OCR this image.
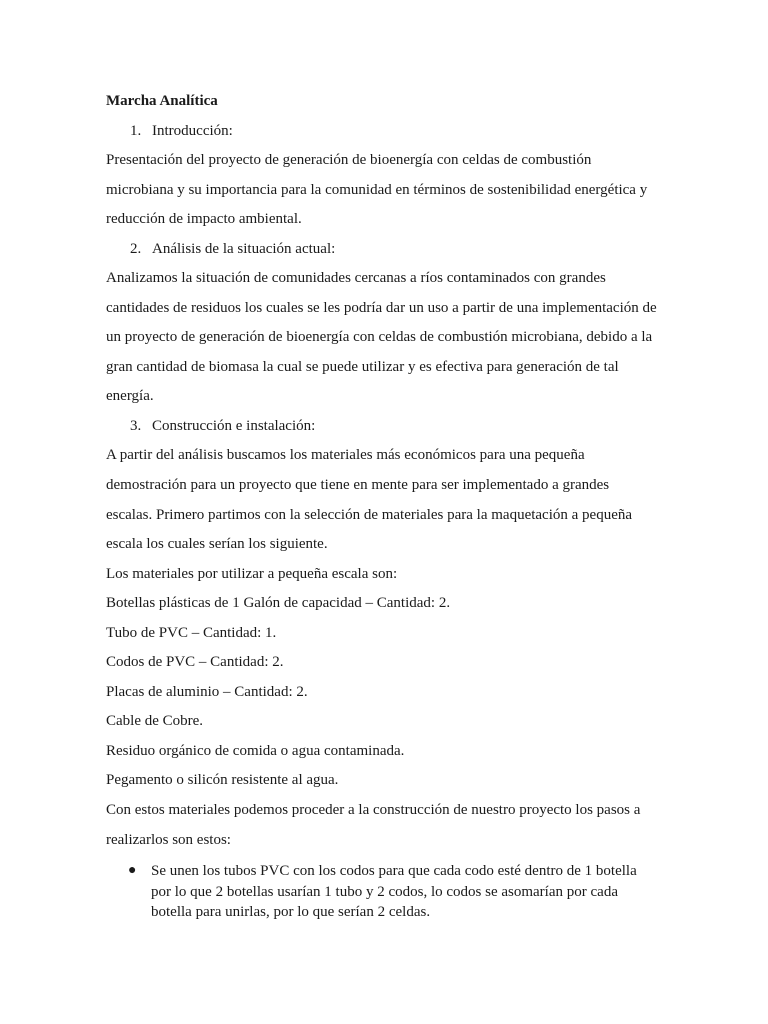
Marcha Analítica
1. Introducción:
Presentación del proyecto de generación de bioenergía con celdas de combustión
microbiana y su importancia para la comunidad en términos de sostenibilidad energética y
reducción de impacto ambiental.
2. Análisis de la situación actual:
Analizamos la situación de comunidades cercanas a ríos contaminados con grandes
cantidades de residuos los cuales se les podría dar un uso a partir de una implementación de
un proyecto de generación de bioenergía con celdas de combustión microbiana, debido a la
gran cantidad de biomasa la cual se puede utilizar y es efectiva para generación de tal
energía.
3. Construcción e instalación:
A partir del análisis buscamos los materiales más económicos para una pequeña
demostración para un proyecto que tiene en mente para ser implementado a grandes
escalas. Primero partimos con la selección de materiales para la maquetación a pequeña
escala los cuales serían los siguiente.
Los materiales por utilizar a pequeña escala son:
Botellas plásticas de 1 Galón de capacidad – Cantidad: 2.
Tubo de PVC – Cantidad: 1.
Codos de PVC – Cantidad: 2.
Placas de aluminio – Cantidad: 2.
Cable de Cobre.
Residuo orgánico de comida o agua contaminada.
Pegamento o silicón resistente al agua.
Con estos materiales podemos proceder a la construcción de nuestro proyecto los pasos a
realizarlos son estos:
● Se unen los tubos PVC con los codos para que cada codo esté dentro de 1 botella
por lo que 2 botellas usarían 1 tubo y 2 codos, lo codos se asomarían por cada
botella para unirlas, por lo que serían 2 celdas.
